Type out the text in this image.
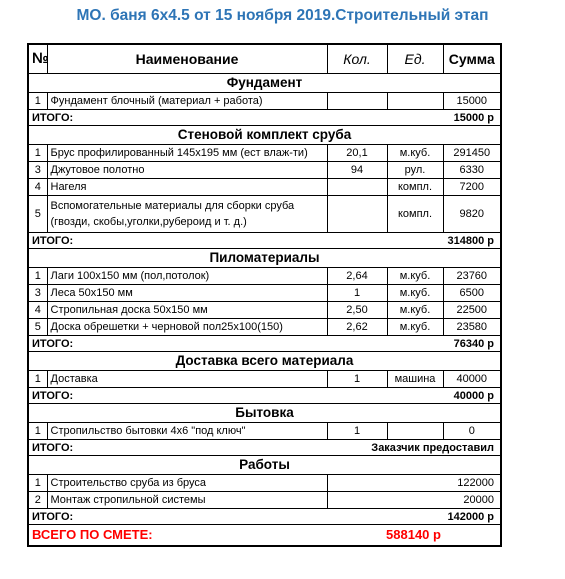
МО. баня 6х4.5 от 15 ноября 2019.Строительный этап
№	Наименование	Кол.	Ед.	Сумма
Фундамент				
1	Фундамент блочный (материал + работа)			15000
ИТОГО:		15000 р		
Стеновой комплект сруба				
1	Брус профилированный 145х195 мм (ест влаж-ти)	20,1	м.куб.	291450
3	Джутовое полотно	94	рул.	6330
4	Нагеля		компл.	7200
5	Вспомогательные материалы для сборки сруба (гвозди, скобы,уголки,рубероид и т. д.)		компл.	9820
ИТОГО:		314800 р		
Пиломатериалы				
1	Лаги 100х150 мм (пол,потолок)	2,64	м.куб.	23760
3	Леса 50х150 мм	1	м.куб.	6500
4	Стропильная доска 50х150 мм	2,50	м.куб.	22500
5	Доска обрешетки + черновой пол25х100(150)	2,62	м.куб.	23580
ИТОГО:		76340 р		
Доставка всего материала				
1	Доставка	1	машина	40000
ИТОГО:		40000 р		
Бытовка				
1	Стропильство бытовки 4х6 "под ключ"	1		0
ИТОГО:		Заказчик предоставил		
Работы				
1	Строительство сруба из бруса	122000		
2	Монтаж стропильной системы	20000		
ИТОГО:		142000 р		
ВСЕГО ПО СМЕТЕ:		588140 р		
